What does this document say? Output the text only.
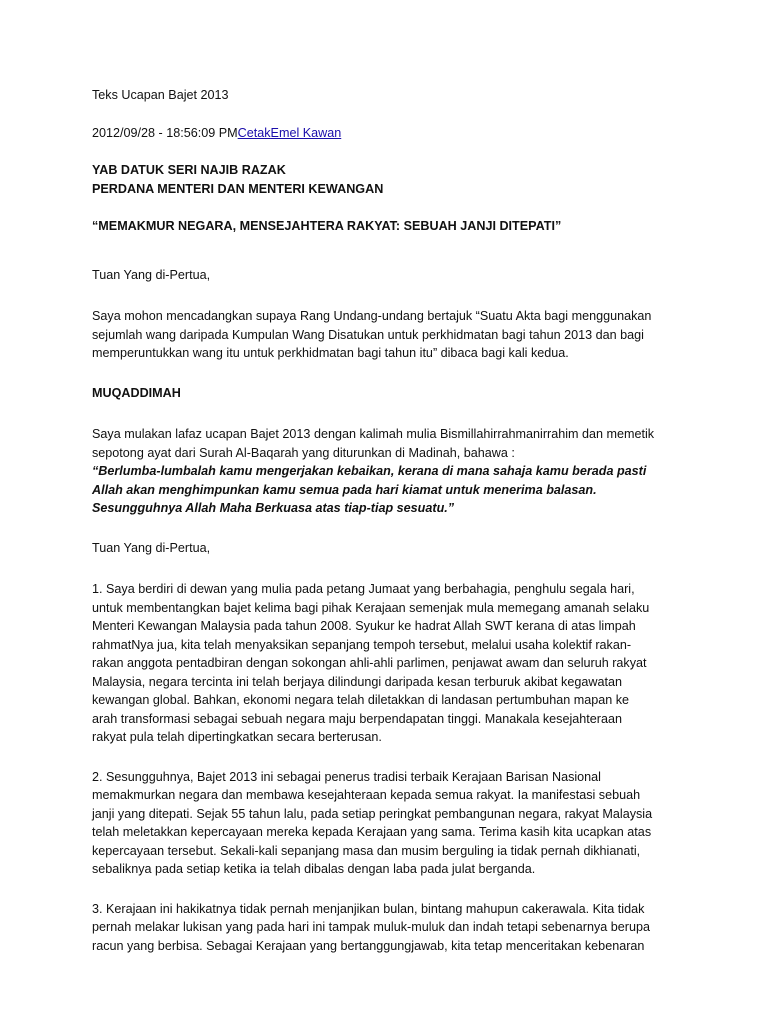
Teks Ucapan Bajet 2013
2012/09/28 - 18:56:09 PMCetakEmel Kawan
YAB DATUK SERI NAJIB RAZAK
PERDANA MENTERI DAN MENTERI KEWANGAN
“MEMAKMUR NEGARA, MENSEJAHTERA RAKYAT: SEBUAH JANJI DITEPATI”
Tuan Yang di-Pertua,
Saya mohon mencadangkan supaya Rang Undang-undang bertajuk “Suatu Akta bagi menggunakan
sejumlah wang daripada Kumpulan Wang Disatukan untuk perkhidmatan bagi tahun 2013 dan bagi
memperuntukkan wang itu untuk perkhidmatan bagi tahun itu” dibaca bagi kali kedua.
MUQADDIMAH
Saya mulakan lafaz ucapan Bajet 2013 dengan kalimah mulia Bismillahirrahmanirrahim dan memetik
sepotong ayat dari Surah Al-Baqarah yang diturunkan di Madinah, bahawa :
“Berlumba-lumbalah kamu mengerjakan kebaikan, kerana di mana sahaja kamu berada pasti
Allah akan menghimpunkan kamu semua pada hari kiamat untuk menerima balasan.
Sesungguhnya Allah Maha Berkuasa atas tiap-tiap sesuatu.”
Tuan Yang di-Pertua,
1. Saya berdiri di dewan yang mulia pada petang Jumaat yang berbahagia, penghulu segala hari,
untuk membentangkan bajet kelima bagi pihak Kerajaan semenjak mula memegang amanah selaku
Menteri Kewangan Malaysia pada tahun 2008. Syukur ke hadrat Allah SWT kerana di atas limpah
rahmatNya jua, kita telah menyaksikan sepanjang tempoh tersebut, melalui usaha kolektif rakan-
rakan anggota pentadbiran dengan sokongan ahli-ahli parlimen, penjawat awam dan seluruh rakyat
Malaysia, negara tercinta ini telah berjaya dilindungi daripada kesan terburuk akibat kegawatan
kewangan global. Bahkan, ekonomi negara telah diletakkan di landasan pertumbuhan mapan ke
arah transformasi sebagai sebuah negara maju berpendapatan tinggi. Manakala kesejahteraan
rakyat pula telah dipertingkatkan secara berterusan.
2. Sesungguhnya, Bajet 2013 ini sebagai penerus tradisi terbaik Kerajaan Barisan Nasional
memakmurkan negara dan membawa kesejahteraan kepada semua rakyat. Ia manifestasi sebuah
janji yang ditepati. Sejak 55 tahun lalu, pada setiap peringkat pembangunan negara, rakyat Malaysia
telah meletakkan kepercayaan mereka kepada Kerajaan yang sama. Terima kasih kita ucapkan atas
kepercayaan tersebut. Sekali-kali sepanjang masa dan musim berguling ia tidak pernah dikhianati,
sebaliknya pada setiap ketika ia telah dibalas dengan laba pada julat berganda.
3. Kerajaan ini hakikatnya tidak pernah menjanjikan bulan, bintang mahupun cakerawala. Kita tidak
pernah melakar lukisan yang pada hari ini tampak muluk-muluk dan indah tetapi sebenarnya berupa
racun yang berbisa. Sebagai Kerajaan yang bertanggungjawab, kita tetap menceritakan kebenaran
